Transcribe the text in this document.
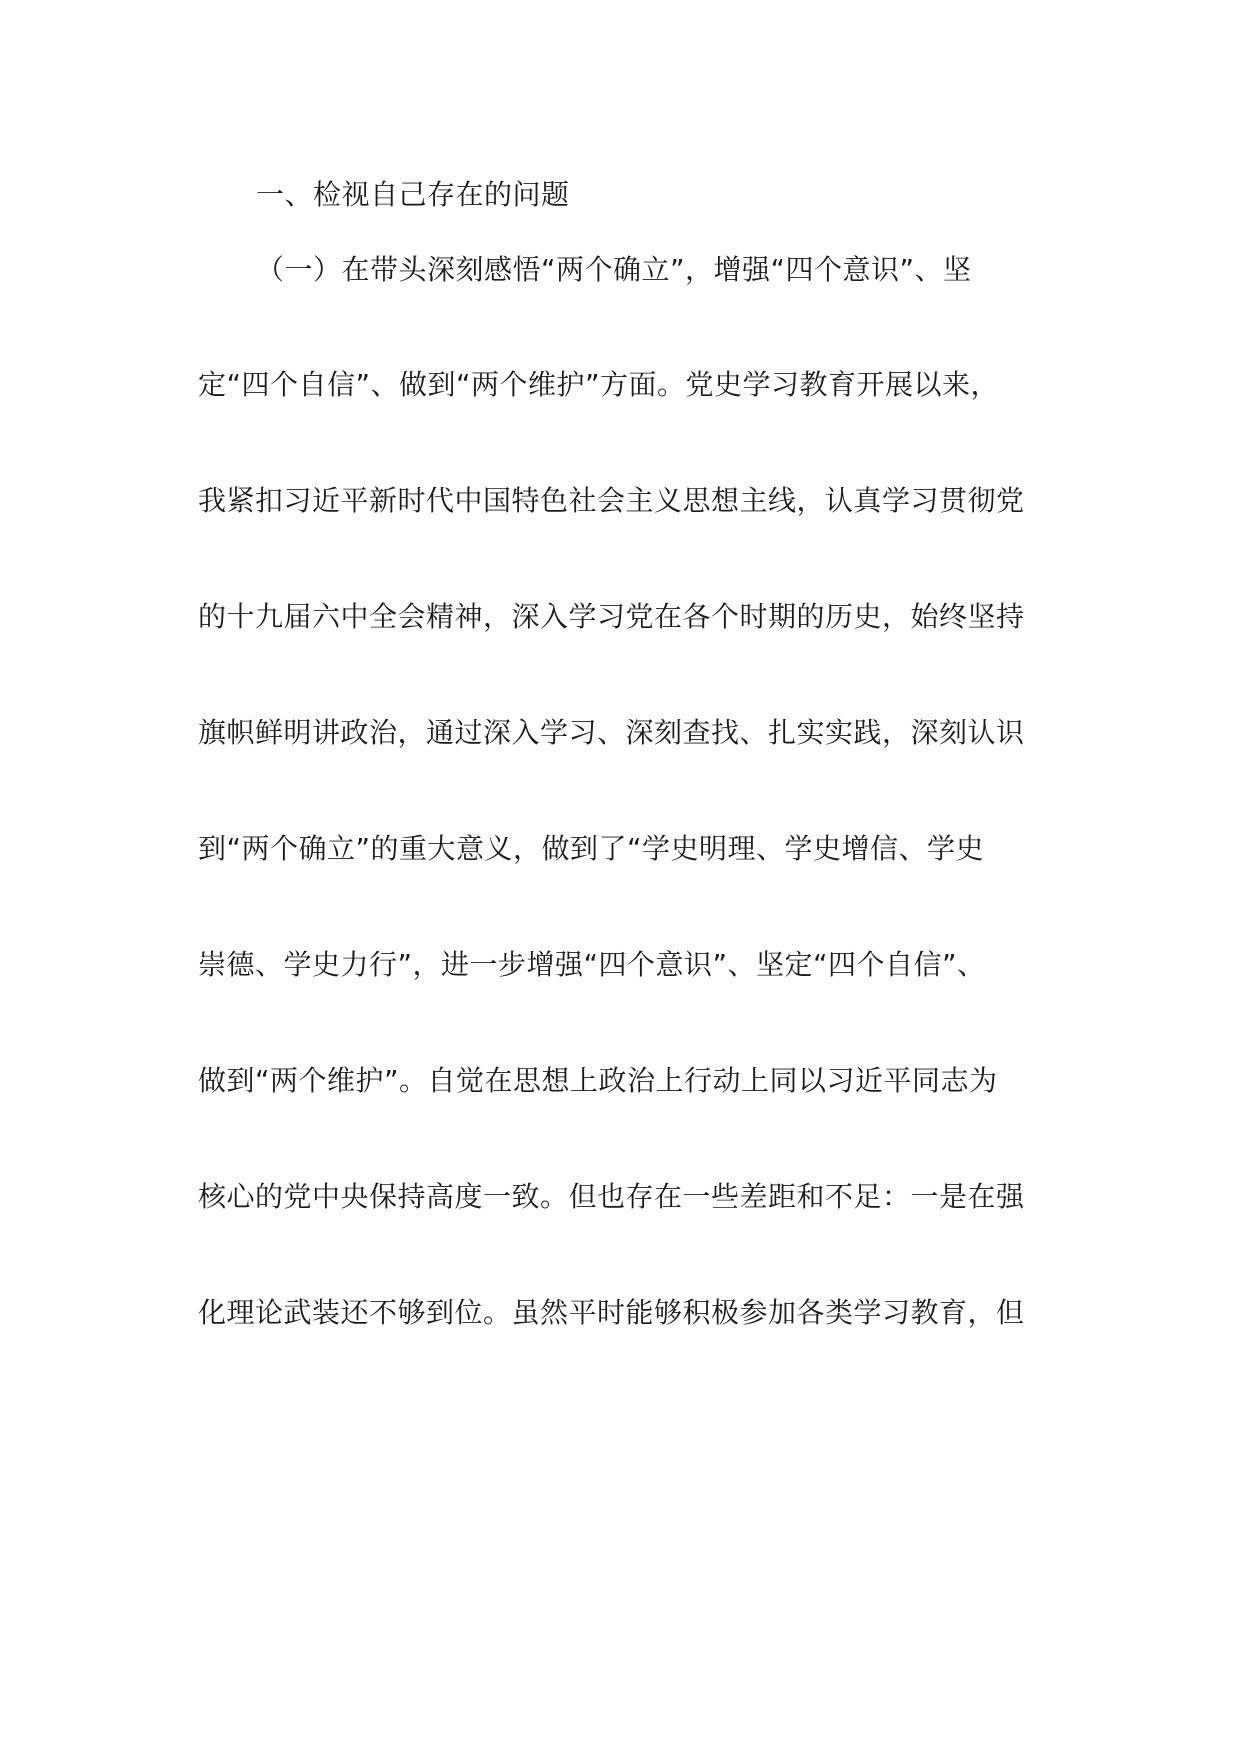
一、检视自己存在的问题
（一）在带头深刻感悟“两个确立”，增强“四个意识”、坚
定“四个自信”、做到“两个维护”方面。党史学习教育开展以来，
我紧扣习近平新时代中国特色社会主义思想主线，认真学习贯彻党
的十九届六中全会精神，深入学习党在各个时期的历史，始终坚持
旗帜鲜明讲政治，通过深入学习、深刻查找、扎实实践，深刻认识
到“两个确立”的重大意义，做到了“学史明理、学史增信、学史
崇德、学史力行”，进一步增强“四个意识”、坚定“四个自信”、
做到“两个维护”。自觉在思想上政治上行动上同以习近平同志为
核心的党中央保持高度一致。但也存在一些差距和不足：一是在强
化理论武装还不够到位。虽然平时能够积极参加各类学习教育，但
